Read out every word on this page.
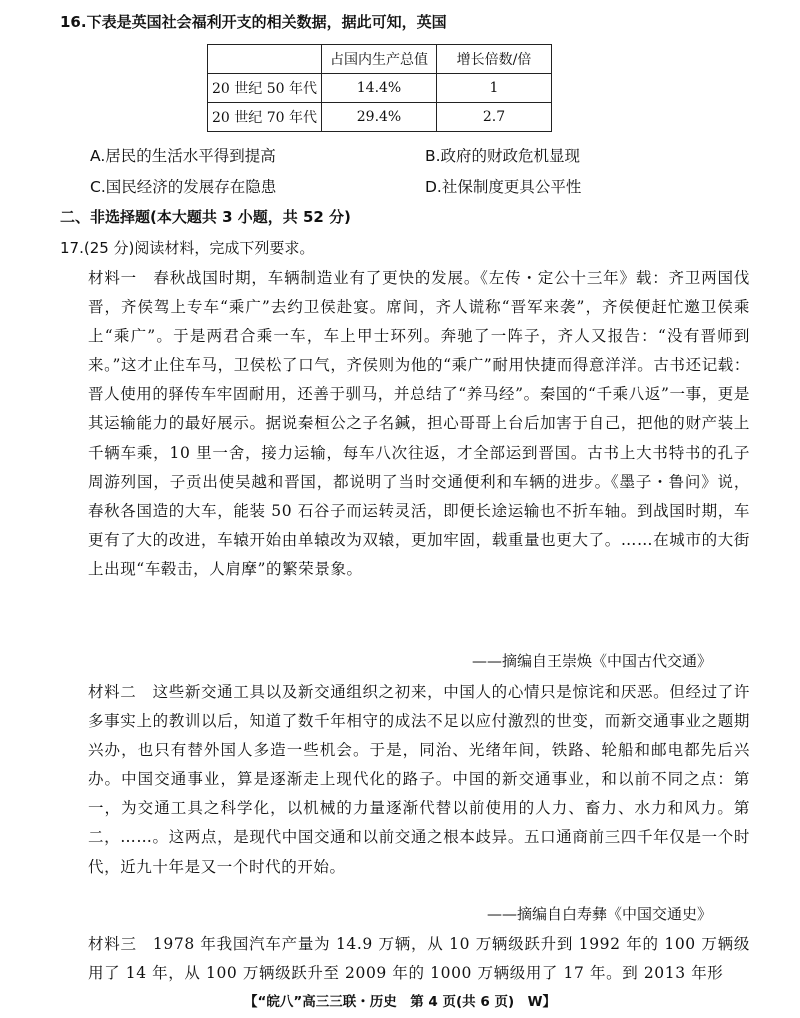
16.下表是英国社会福利开支的相关数据，据此可知，英国
	占国内生产总值	增长倍数/倍
20 世纪 50 年代	14.4%	1
20 世纪 70 年代	29.4%	2.7
A.居民的生活水平得到提高	B.政府的财政危机显现
C.国民经济的发展存在隐患	D.社保制度更具公平性
二、非选择题(本大题共 3 小题，共 52 分)
17.(25 分)阅读材料，完成下列要求。
材料一　春秋战国时期，车辆制造业有了更快的发展。《左传・定公十三年》载：齐卫两国伐晋，齐侯驾上专车“乘广”去约卫侯赴宴。席间，齐人谎称“晋军来袭”，齐侯便赶忙邀卫侯乘上“乘广”。于是两君合乘一车，车上甲士环列。奔驰了一阵子，齐人又报告：“没有晋师到来。”这才止住车马，卫侯松了口气，齐侯则为他的“乘广”耐用快捷而得意洋洋。古书还记载：晋人使用的驿传车牢固耐用，还善于驯马，并总结了“养马经”。秦国的“千乘八返”一事，更是其运输能力的最好展示。据说秦桓公之子名鍼，担心哥哥上台后加害于自己，把他的财产装上千辆车乘，10 里一舍，接力运输，每车八次往返，才全部运到晋国。古书上大书特书的孔子周游列国，子贡出使吴越和晋国，都说明了当时交通便利和车辆的进步。《墨子・鲁问》说，春秋各国造的大车，能装 50 石谷子而运转灵活，即便长途运输也不折车轴。到战国时期，车更有了大的改进，车辕开始由单辕改为双辕，更加牢固，载重量也更大了。……在城市的大街上出现“车毂击，人肩摩”的繁荣景象。
——摘编自王崇焕《中国古代交通》
材料二　这些新交通工具以及新交通组织之初来，中国人的心情只是惊诧和厌恶。但经过了许多事实上的教训以后，知道了数千年相守的成法不足以应付激烈的世变，而新交通事业之题期兴办，也只有替外国人多造一些机会。于是，同治、光绪年间，铁路、轮船和邮电都先后兴办。中国交通事业，算是逐渐走上现代化的路子。中国的新交通事业，和以前不同之点：第一，为交通工具之科学化，以机械的力量逐渐代替以前使用的人力、畜力、水力和风力。第二，……。这两点，是现代中国交通和以前交通之根本歧异。五口通商前三四千年仅是一个时代，近九十年是又一个时代的开始。
——摘编自白寿彝《中国交通史》
材料三　1978 年我国汽车产量为 14.9 万辆，从 10 万辆级跃升到 1992 年的 100 万辆级用了 14 年，从 100 万辆级跃升至 2009 年的 1000 万辆级用了 17 年。到 2013 年形
【“皖八”高三三联・历史　第 4 页(共 6 页)　W】
